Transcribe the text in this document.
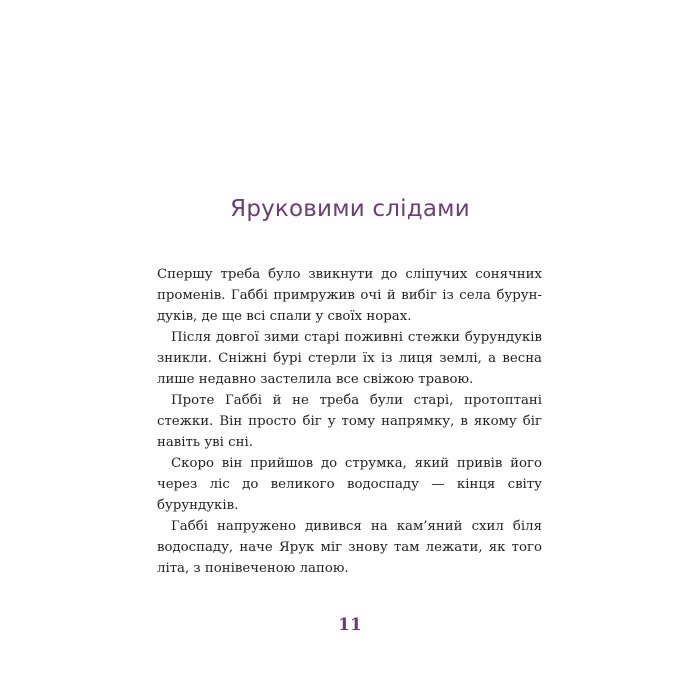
Яруковими слідами

Спершу треба було звикнути до сліпучих сонячних
променів. Габбі примружив очі й вибіг із села бурун-
дуків, де ще всі спали у своїх норах.

Після довгої зими старі поживні стежки бурундуків
зникли. Сніжні бурі стерли їх із лиця землі, а весна
лише недавно застелила все свіжою травою.

Проте Габбі й не треба були старі, протоптані
стежки. Він просто біг у тому напрямку, в якому біг
навіть уві сні.

Скоро він прийшов до струмка, який привів його
через ліс до великого водоспаду — кінця світу
бурундуків.

Габбі напружено дивився на кам’яний схил біля
водоспаду, наче Ярук міг знову там лежати, як того
літа, з понівеченою лапою.

11
